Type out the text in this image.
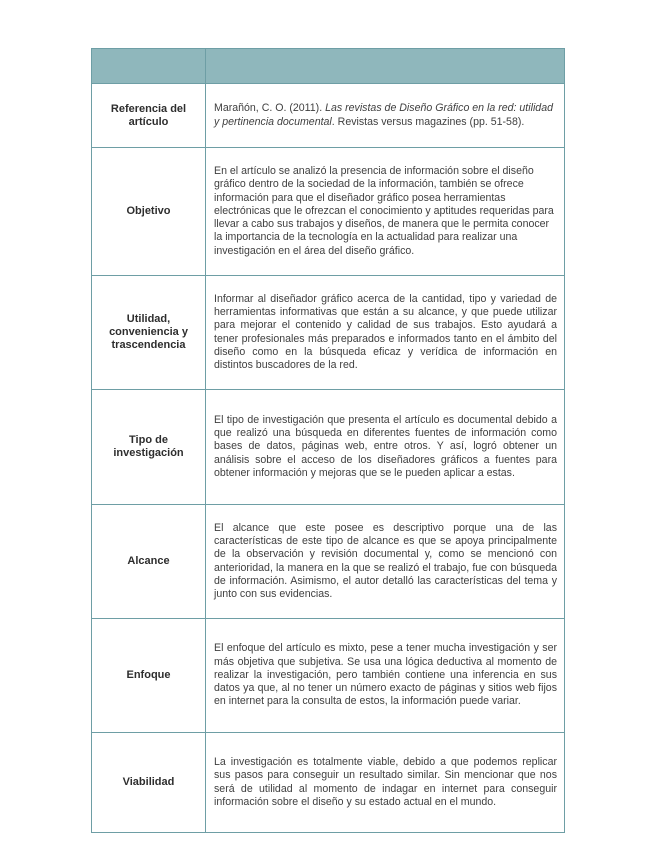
Referencia del artículo	Marañón, C. O. (2011). Las revistas de Diseño Gráfico en la red: utilidad y pertinencia documental. Revistas versus magazines (pp. 51-58).
Objetivo	En el artículo se analizó la presencia de información sobre el diseño gráfico dentro de la sociedad de la información, también se ofrece información para que el diseñador gráfico posea herramientas electrónicas que le ofrezcan el conocimiento y aptitudes requeridas para llevar a cabo sus trabajos y diseños, de manera que le permita conocer la importancia de la tecnología en la actualidad para realizar una investigación en el área del diseño gráfico.
Utilidad, conveniencia y trascendencia	Informar al diseñador gráfico acerca de la cantidad, tipo y variedad de herramientas informativas que están a su alcance, y que puede utilizar para mejorar el contenido y calidad de sus trabajos. Esto ayudará a tener profesionales más preparados e informados tanto en el ámbito del diseño como en la búsqueda eficaz y verídica de información en distintos buscadores de la red.
Tipo de investigación	El tipo de investigación que presenta el artículo es documental debido a que realizó una búsqueda en diferentes fuentes de información como bases de datos, páginas web, entre otros. Y así, logró obtener un análisis sobre el acceso de los diseñadores gráficos a fuentes para obtener información y mejoras que se le pueden aplicar a estas.
Alcance	El alcance que este posee es descriptivo porque una de las características de este tipo de alcance es que se apoya principalmente de la observación y revisión documental y, como se mencionó con anterioridad, la manera en la que se realizó el trabajo, fue con búsqueda de información. Asimismo, el autor detalló las características del tema y junto con sus evidencias.
Enfoque	El enfoque del artículo es mixto, pese a tener mucha investigación y ser más objetiva que subjetiva. Se usa una lógica deductiva al momento de realizar la investigación, pero también contiene una inferencia en sus datos ya que, al no tener un número exacto de páginas y sitios web fijos en internet para la consulta de estos, la información puede variar.
Viabilidad	La investigación es totalmente viable, debido a que podemos replicar sus pasos para conseguir un resultado similar. Sin mencionar que nos será de utilidad al momento de indagar en internet para conseguir información sobre el diseño y su estado actual en el mundo.
